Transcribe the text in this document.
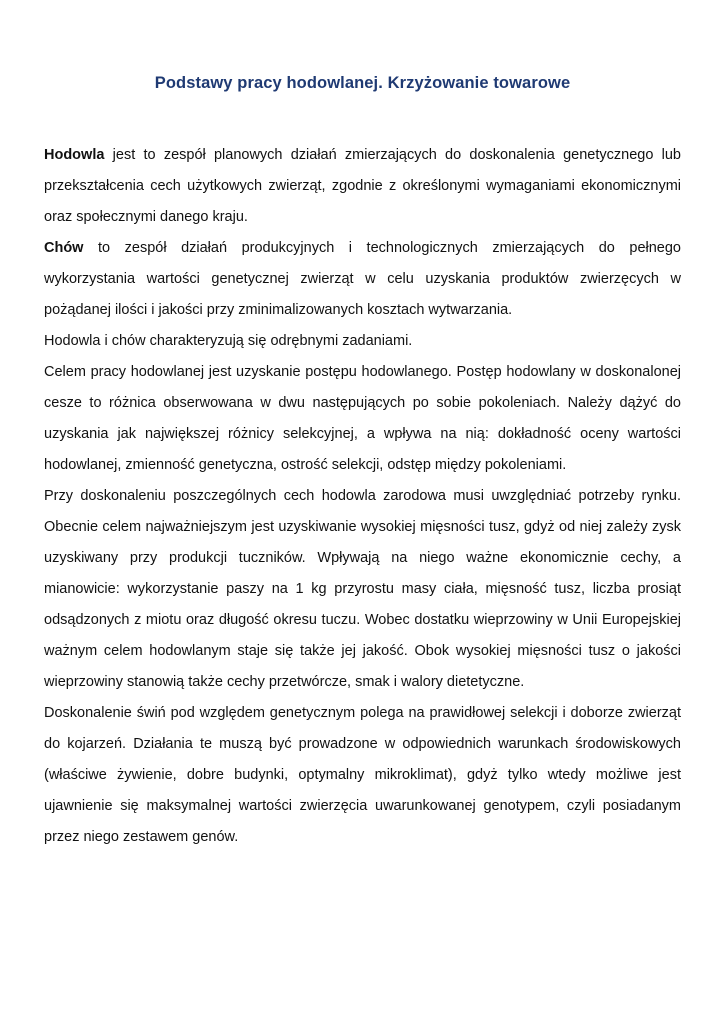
Podstawy pracy hodowlanej. Krzyżowanie towarowe

Hodowla jest to zespół planowych działań zmierzających do doskonalenia genetycznego lub przekształcenia cech użytkowych zwierząt, zgodnie z określonymi wymaganiami ekonomicznymi oraz społecznymi danego kraju.

Chów to zespół działań produkcyjnych i technologicznych zmierzających do pełnego wykorzystania wartości genetycznej zwierząt w celu uzyskania produktów zwierzęcych w pożądanej ilości i jakości przy zminimalizowanych kosztach wytwarzania.

Hodowla i chów charakteryzują się odrębnymi zadaniami.

Celem pracy hodowlanej jest uzyskanie postępu hodowlanego. Postęp hodowlany w doskonalonej cesze to różnica obserwowana w dwu następujących po sobie pokoleniach. Należy dążyć do uzyskania jak największej różnicy selekcyjnej, a wpływa na nią: dokładność oceny wartości hodowlanej, zmienność genetyczna, ostrość selekcji, odstęp między pokoleniami.

Przy doskonaleniu poszczególnych cech hodowla zarodowa musi uwzględniać potrzeby rynku. Obecnie celem najważniejszym jest uzyskiwanie wysokiej mięsności tusz, gdyż od niej zależy zysk uzyskiwany przy produkcji tuczników. Wpływają na niego ważne ekonomicznie cechy, a mianowicie: wykorzystanie paszy na 1 kg przyrostu masy ciała, mięsność tusz, liczba prosiąt odsądzonych z miotu oraz długość okresu tuczu. Wobec dostatku wieprzowiny w Unii Europejskiej ważnym celem hodowlanym staje się także jej jakość. Obok wysokiej mięsności tusz o jakości wieprzowiny stanowią także cechy przetwórcze, smak i walory dietetyczne.

Doskonalenie świń pod względem genetycznym polega na prawidłowej selekcji i doborze zwierząt do kojarzeń. Działania te muszą być prowadzone w odpowiednich warunkach środowiskowych (właściwe żywienie, dobre budynki, optymalny mikroklimat), gdyż tylko wtedy możliwe jest ujawnienie się maksymalnej wartości zwierzęcia uwarunkowanej genotypem, czyli posiadanym przez niego zestawem genów.
